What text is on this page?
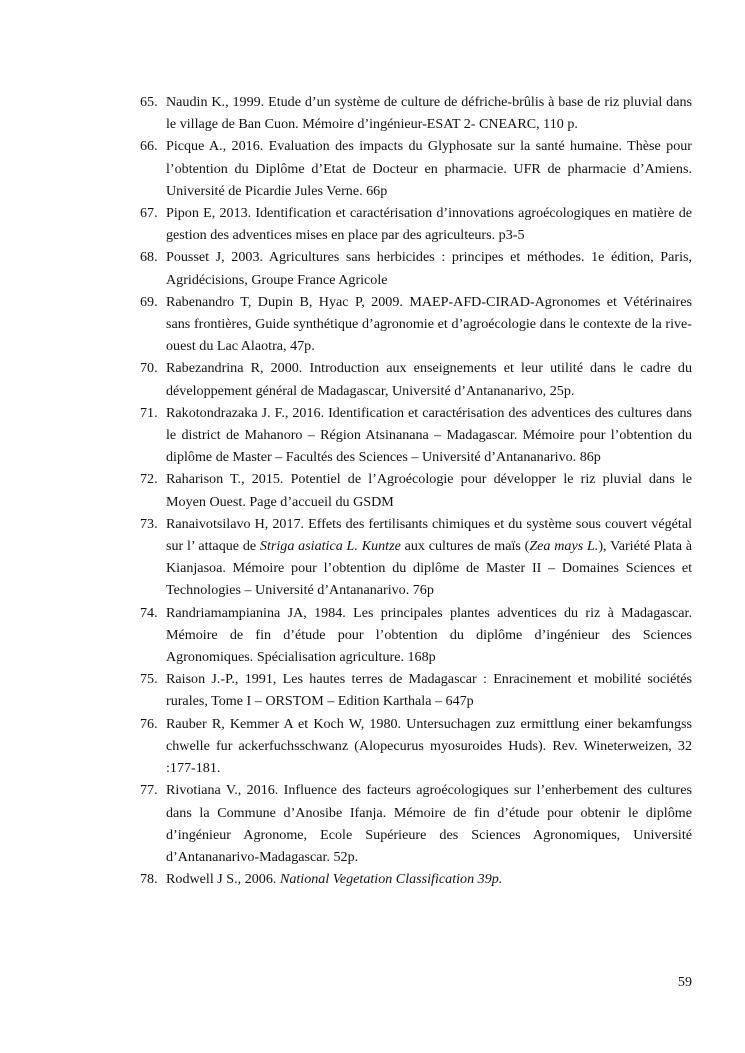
65. Naudin K., 1999. Etude d’un système de culture de défriche-brûlis à base de riz pluvial dans le village de Ban Cuon. Mémoire d’ingénieur-ESAT 2- CNEARC, 110 p.
66. Picque A., 2016. Evaluation des impacts du Glyphosate sur la santé humaine. Thèse pour l’obtention du Diplôme d’Etat de Docteur en pharmacie. UFR de pharmacie d’Amiens. Université de Picardie Jules Verne. 66p
67. Pipon E, 2013. Identification et caractérisation d’innovations agroécologiques en matière de gestion des adventices mises en place par des agriculteurs. p3-5
68. Pousset J, 2003. Agricultures sans herbicides : principes et méthodes. 1e édition, Paris, Agridécisions, Groupe France Agricole
69. Rabenandro T, Dupin B, Hyac P, 2009. MAEP-AFD-CIRAD-Agronomes et Vétérinaires sans frontières, Guide synthétique d’agronomie et d’agroécologie dans le contexte de la rive-ouest du Lac Alaotra, 47p.
70. Rabezandrina R, 2000. Introduction aux enseignements et leur utilité dans le cadre du développement général de Madagascar, Université d’Antananarivo, 25p.
71. Rakotondrazaka J. F., 2016. Identification et caractérisation des adventices des cultures dans le district de Mahanoro – Région Atsinanana – Madagascar. Mémoire pour l’obtention du diplôme de Master – Facultés des Sciences – Université d’Antananarivo. 86p
72. Raharison T., 2015. Potentiel de l’Agroécologie pour développer le riz pluvial dans le Moyen Ouest. Page d’accueil du GSDM
73. Ranaivotsilavo H, 2017. Effets des fertilisants chimiques et du système sous couvert végétal sur l’ attaque de Striga asiatica L. Kuntze aux cultures de maïs (Zea mays L.), Variété Plata à Kianjasoa. Mémoire pour l’obtention du diplôme de Master II – Domaines Sciences et Technologies – Université d’Antananarivo. 76p
74. Randriamampianina JA, 1984. Les principales plantes adventices du riz à Madagascar. Mémoire de fin d’étude pour l’obtention du diplôme d’ingénieur des Sciences Agronomiques. Spécialisation agriculture. 168p
75. Raison J.-P., 1991, Les hautes terres de Madagascar : Enracinement et mobilité sociétés rurales, Tome I – ORSTOM – Edition Karthala – 647p
76. Rauber R, Kemmer A et Koch W, 1980. Untersuchagen zuz ermittlung einer bekamfungss chwelle fur ackerfuchsschwanz (Alopecurus myosuroides Huds). Rev. Wineterweizen, 32 :177-181.
77. Rivotiana V., 2016. Influence des facteurs agroécologiques sur l’enherbement des cultures dans la Commune d’Anosibe Ifanja. Mémoire de fin d’étude pour obtenir le diplôme d’ingénieur Agronome, Ecole Supérieure des Sciences Agronomiques, Université d’Antananarivo-Madagascar. 52p.
78. Rodwell J S., 2006. National Vegetation Classification 39p.
59
